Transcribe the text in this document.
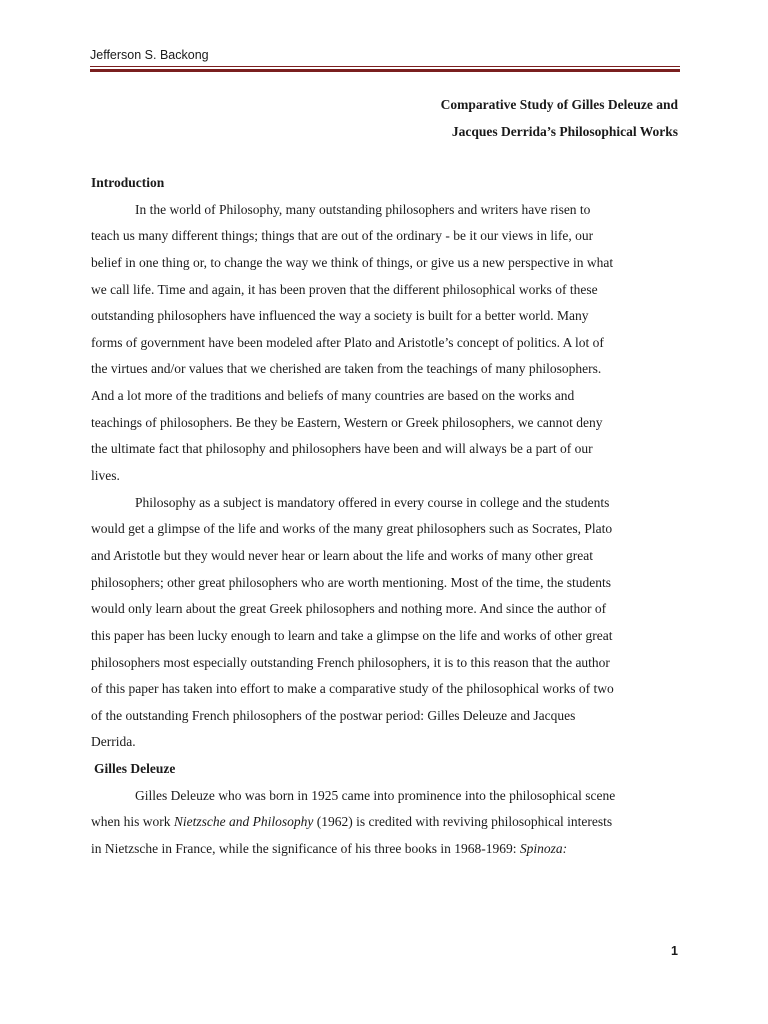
Jefferson S. Backong
Comparative Study of Gilles Deleuze and
Jacques Derrida’s Philosophical Works
Introduction
In the world of Philosophy, many outstanding philosophers and writers have risen to
teach us many different things; things that are out of the ordinary - be it our views in life, our
belief in one thing or, to change the way we think of things, or give us a new perspective in what
we call life. Time and again, it has been proven that the different philosophical works of these
outstanding philosophers have influenced the way a society is built for a better world. Many
forms of government have been modeled after Plato and Aristotle’s concept of politics. A lot of
the virtues and/or values that we cherished are taken from the teachings of many philosophers.
And a lot more of the traditions and beliefs of many countries are based on the works and
teachings of philosophers. Be they be Eastern, Western or Greek philosophers, we cannot deny
the ultimate fact that philosophy and philosophers have been and will always be a part of our
lives.
Philosophy as a subject is mandatory offered in every course in college and the students
would get a glimpse of the life and works of the many great philosophers such as Socrates, Plato
and Aristotle but they would never hear or learn about the life and works of many other great
philosophers; other great philosophers who are worth mentioning. Most of the time, the students
would only learn about the great Greek philosophers and nothing more. And since the author of
this paper has been lucky enough to learn and take a glimpse on the life and works of other great
philosophers most especially outstanding French philosophers, it is to this reason that the author
of this paper has taken into effort to make a comparative study of the philosophical works of two
of the outstanding French philosophers of the postwar period: Gilles Deleuze and Jacques
Derrida.
Gilles Deleuze
Gilles Deleuze who was born in 1925 came into prominence into the philosophical scene
when his work Nietzsche and Philosophy (1962) is credited with reviving philosophical interests
in Nietzsche in France, while the significance of his three books in 1968-1969: Spinoza:
1
